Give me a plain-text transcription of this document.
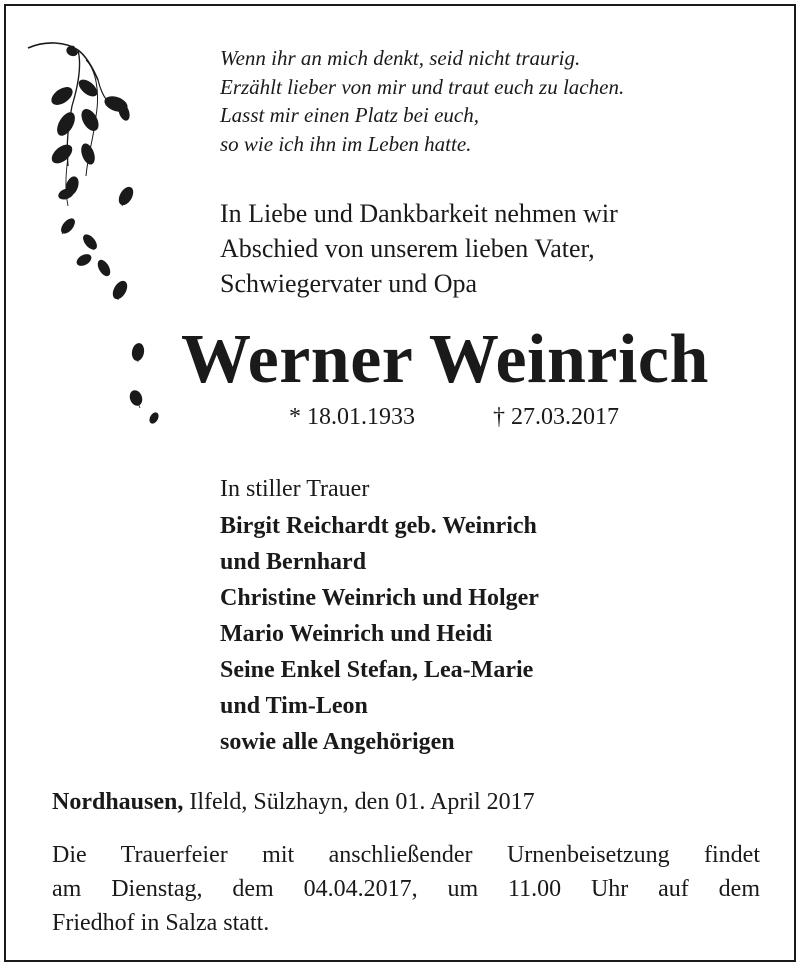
Wenn ihr an mich denkt, seid nicht traurig.
Erzählt lieber von mir und traut euch zu lachen.
Lasst mir einen Platz bei euch,
so wie ich ihn im Leben hatte.
In Liebe und Dankbarkeit nehmen wir
Abschied von unserem lieben Vater,
Schwiegervater und Opa
Werner Weinrich
* 18.01.1933	† 27.03.2017
In stiller Trauer
Birgit Reichardt geb. Weinrich
und Bernhard
Christine Weinrich und Holger
Mario Weinrich und Heidi
Seine Enkel Stefan, Lea-Marie
und Tim-Leon
sowie alle Angehörigen
Nordhausen, Ilfeld, Sülzhayn, den 01. April 2017
Die Trauerfeier mit anschließender Urnenbeisetzung findet
am Dienstag, dem 04.04.2017, um 11.00 Uhr auf dem
Friedhof in Salza statt.
